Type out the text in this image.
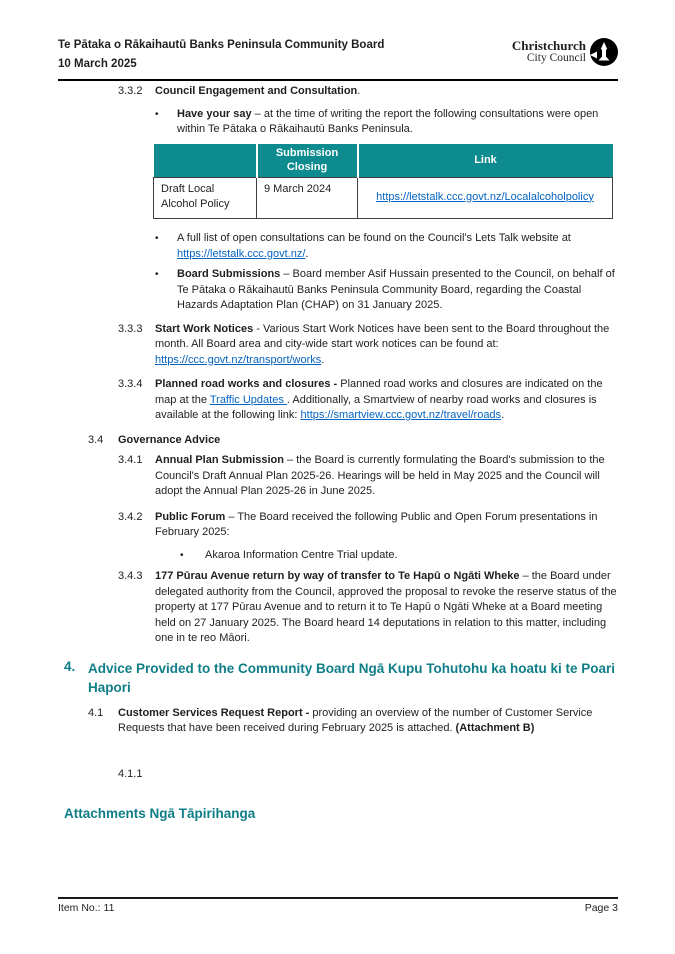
Te Pātaka o Rākaihautū Banks Peninsula Community Board
10 March 2025
Christchurch
City Council
3.3.2	Council Engagement and Consultation.
•	Have your say – at the time of writing the report the following consultations were open within Te Pātaka o Rākaihautū Banks Peninsula.
	Submission Closing	Link
Draft Local Alcohol Policy	9 March 2024	https://letstalk.ccc.govt.nz/Localalcoholpolicy
•	A full list of open consultations can be found on the Council's Lets Talk website at https://letstalk.ccc.govt.nz/.
•	Board Submissions – Board member Asif Hussain presented to the Council, on behalf of Te Pātaka o Rākaihautū Banks Peninsula Community Board, regarding the Coastal Hazards Adaptation Plan (CHAP) on 31 January 2025.
3.3.3	Start Work Notices - Various Start Work Notices have been sent to the Board throughout the month. All Board area and city-wide start work notices can be found at: https://ccc.govt.nz/transport/works.
3.3.4	Planned road works and closures - Planned road works and closures are indicated on the map at the Traffic Updates . Additionally, a Smartview of nearby road works and closures is available at the following link: https://smartview.ccc.govt.nz/travel/roads.
3.4	Governance Advice
3.4.1	Annual Plan Submission – the Board is currently formulating the Board's submission to the Council's Draft Annual Plan 2025-26. Hearings will be held in May 2025 and the Council will adopt the Annual Plan 2025-26 in June 2025.
3.4.2	Public Forum – The Board received the following Public and Open Forum presentations in February 2025:
•	Akaroa Information Centre Trial update.
3.4.3	177 Pūrau Avenue return by way of transfer to Te Hapū o Ngāti Wheke – the Board under delegated authority from the Council, approved the proposal to revoke the reserve status of the property at 177 Pūrau Avenue and to return it to Te Hapū o Ngāti Wheke at a Board meeting held on 27 January 2025. The Board heard 14 deputations in relation to this matter, including one in te reo Māori.
4. Advice Provided to the Community Board Ngā Kupu Tohutohu ka hoatu ki te Poari Hapori
4.1	Customer Services Request Report - providing an overview of the number of Customer Service Requests that have been received during February 2025 is attached. (Attachment B)
4.1.1
Attachments Ngā Tāpirihanga
Item No.: 11	Page 3
